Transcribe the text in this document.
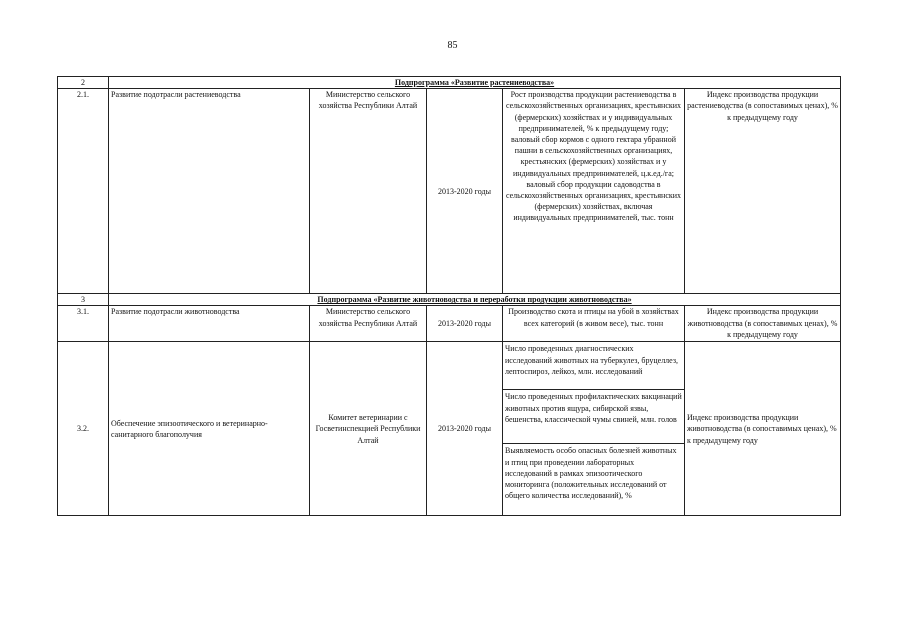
85
2	Подпрограмма «Развитие растениеводства»				
2.1.	Развитие подотрасли растениеводства	Министерство сельского хозяйства Республики Алтай	2013-2020 годы	Рост производства продукции растениеводства в сельскохозяйственных организациях, крестьянских (фермерских) хозяйствах и у индивидуальных предпринимателей, % к предыдущему году; валовый сбор кормов с одного гектара убранной пашни в сельскохозяйственных организациях, крестьянских (фермерских) хозяйствах и у индивидуальных предпринимателей, ц.к.ед./га; валовый сбор продукции садоводства в сельскохозяйственных организациях, крестьянских (фермерских) хозяйствах, включая индивидуальных предпринимателей, тыс. тонн	Индекс производства продукции растениеводства (в сопоставимых ценах), % к предыдущему году
3	Подпрограмма «Развитие животноводства и переработки продукции животноводства»				
3.1.	Развитие подотрасли животноводства	Министерство сельского хозяйства Республики Алтай	2013-2020 годы	Производство скота и птицы на убой в хозяйствах всех категорий (в живом весе), тыс. тонн	Индекс производства продукции животноводства (в сопоставимых ценах), % к предыдущему году
3.2.	Обеспечение эпизоотического и ветеринарно-санитарного благополучия	Комитет ветеринарии с Госветинспекцией Республики Алтай	2013-2020 годы	Число проведенных диагностических исследований животных на туберкулез, бруцеллез, лептоспироз, лейкоз, млн. исследований	Индекс производства продукции животноводства (в сопоставимых ценах), % к предыдущему году
				Число проведенных профилактических вакцинаций животных против ящура, сибирской язвы, бешенства, классической чумы свиней, млн. голов	
				Выявляемость особо опасных болезней животных и птиц при проведении лабораторных исследований в рамках эпизоотического мониторинга (положительных исследований от общего количества исследований), %	
